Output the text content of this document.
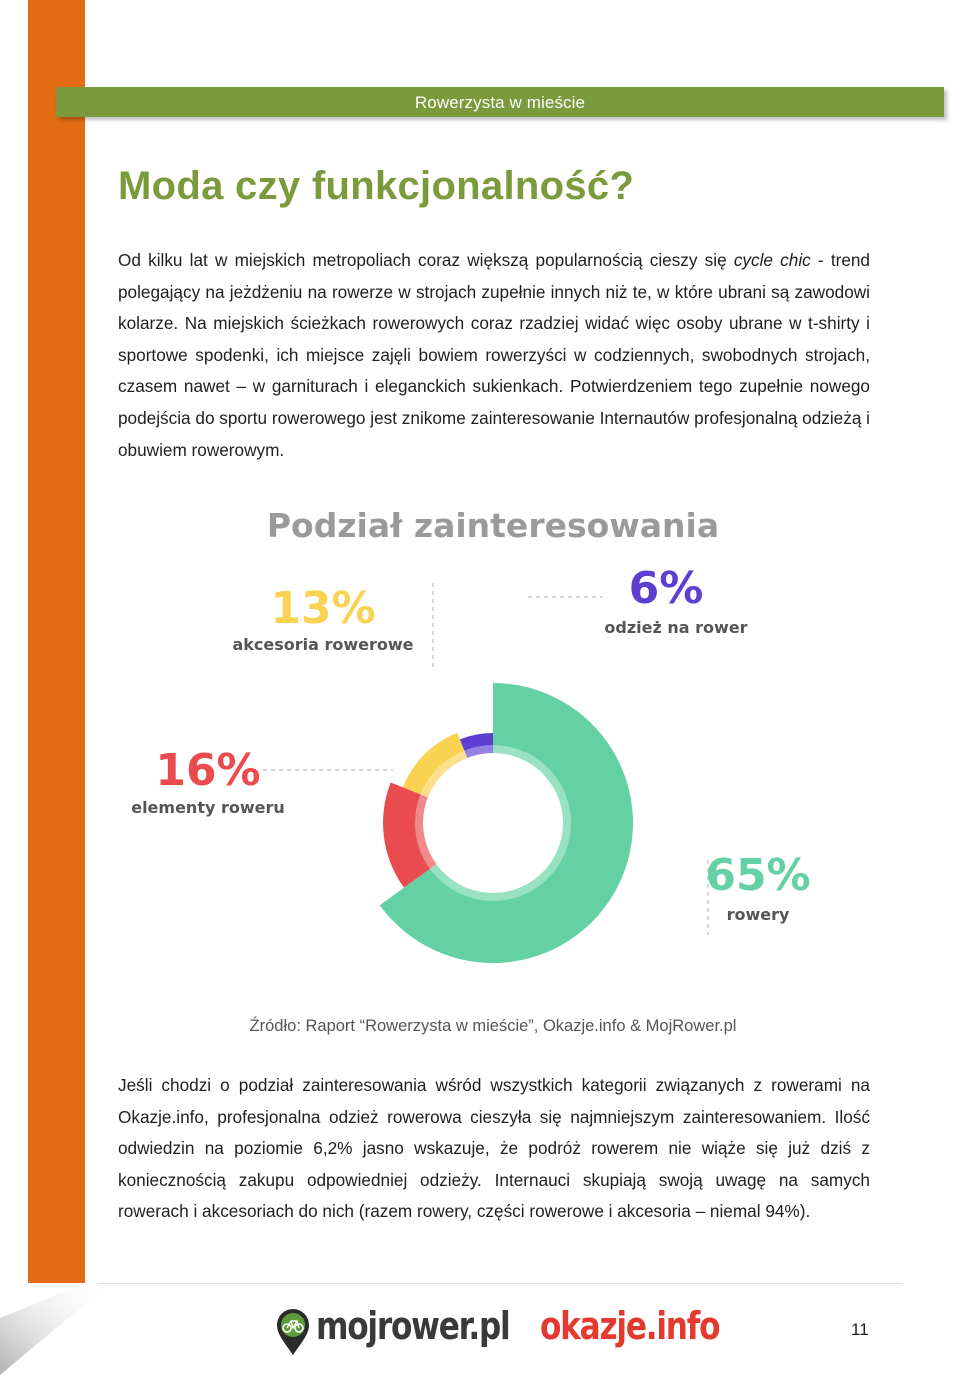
Rowerzysta w mieście
Moda czy funkcjonalność?

Od kilku lat w miejskich metropoliach coraz większą popularnością cieszy się cycle chic - trend polegający na jeżdżeniu na rowerze w strojach zupełnie innych niż te, w które ubrani są zawodowi kolarze. Na miejskich ścieżkach rowerowych coraz rzadziej widać więc osoby ubrane w t-shirty i sportowe spodenki, ich miejsce zajęli bowiem rowerzyści w codziennych, swobodnych strojach, czasem nawet – w garniturach i eleganckich sukienkach. Potwierdzeniem tego zupełnie nowego podejścia do sportu rowerowego jest znikome zainteresowanie Internautów profesjonalną odzieżą i obuwiem rowerowym.

Podział zainteresowania
65%
rowery
16%
elementy roweru
13%
akcesoria rowerowe
6%
odzież na rower
Źródło: Raport “Rowerzysta w mieście”, Okazje.info & MojRower.pl

Jeśli chodzi o podział zainteresowania wśród wszystkich kategorii związanych z rowerami na Okazje.info, profesjonalna odzież rowerowa cieszyła się najmniejszym zainteresowaniem. Ilość odwiedzin na poziomie 6,2% jasno wskazuje, że podróż rowerem nie wiąże się już dziś z koniecznością zakupu odpowiedniej odzieży. Internauci skupiają swoją uwagę na samych rowerach i akcesoriach do nich (razem rowery, części rowerowe i akcesoria – niemal 94%).

mojrower.pl okazje.info	11
